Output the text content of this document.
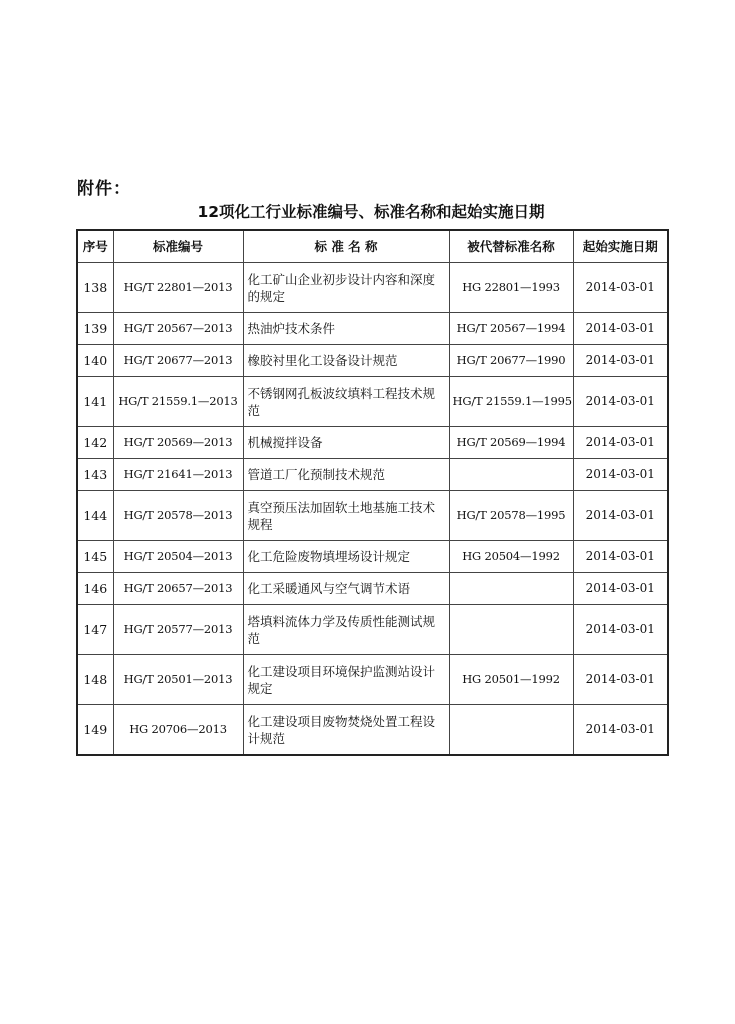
附件：
12项化工行业标准编号、标准名称和起始实施日期
序号	标准编号	标 准 名 称	被代替标准名称	起始实施日期
138	HG/T 22801—2013	化工矿山企业初步设计内容和深度的规定	HG 22801—1993	2014-03-01
139	HG/T 20567—2013	热油炉技术条件	HG/T 20567—1994	2014-03-01
140	HG/T 20677—2013	橡胶衬里化工设备设计规范	HG/T 20677—1990	2014-03-01
141	HG/T 21559.1—2013	不锈钢网孔板波纹填料工程技术规范	HG/T 21559.1—1995	2014-03-01
142	HG/T 20569—2013	机械搅拌设备	HG/T 20569—1994	2014-03-01
143	HG/T 21641—2013	管道工厂化预制技术规范		2014-03-01
144	HG/T 20578—2013	真空预压法加固软土地基施工技术规程	HG/T 20578—1995	2014-03-01
145	HG/T 20504—2013	化工危险废物填埋场设计规定	HG 20504—1992	2014-03-01
146	HG/T 20657—2013	化工采暖通风与空气调节术语		2014-03-01
147	HG/T 20577—2013	塔填料流体力学及传质性能测试规范		2014-03-01
148	HG/T 20501—2013	化工建设项目环境保护监测站设计规定	HG 20501—1992	2014-03-01
149	HG 20706—2013	化工建设项目废物焚烧处置工程设计规范		2014-03-01
